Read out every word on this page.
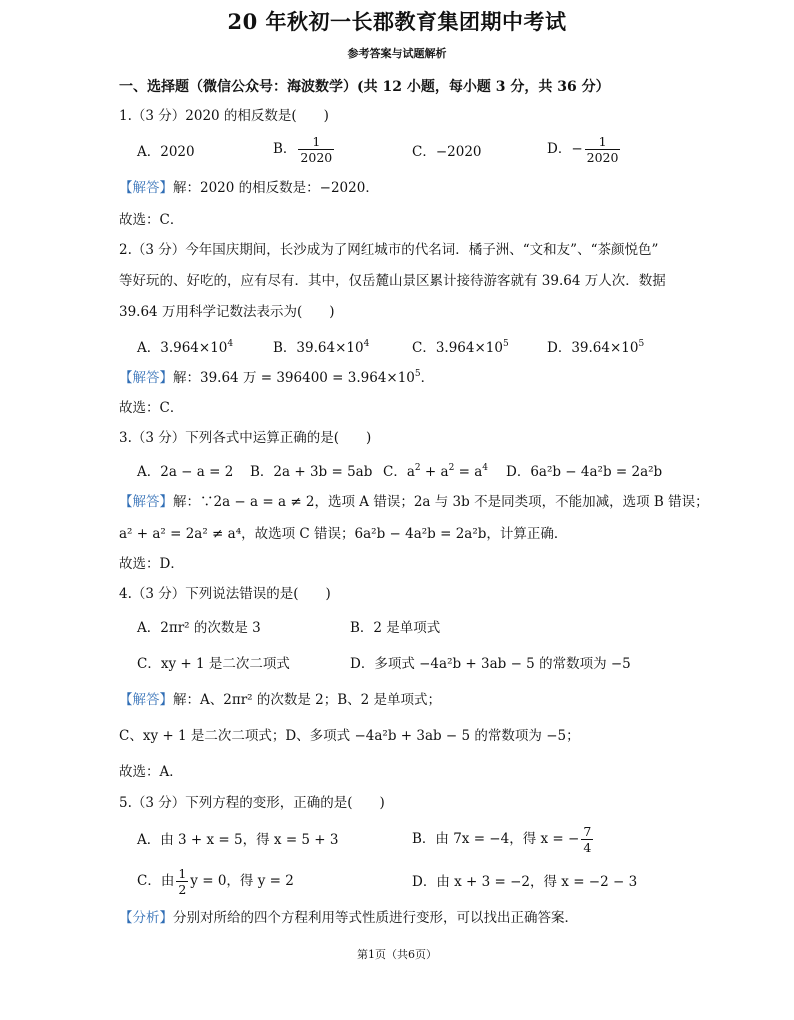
20 年秋初一长郡教育集团期中考试
参考答案与试题解析
一、选择题（微信公众号：海波数学）(共 12 小题，每小题 3 分，共 36 分）
1.（3 分）2020 的相反数是(　　)
A．2020	B． $\frac{1}{2020}$	C．−2020	D．− $\frac{1}{2020}$
【解答】解：2020 的相反数是：−2020．
故选：C．
2.（3 分）今年国庆期间，长沙成为了网红城市的代名词．橘子洲、“文和友”、“茶颜悦色”
等好玩的、好吃的，应有尽有．其中，仅岳麓山景区累计接待游客就有 39.64 万人次．数据
39.64 万用科学记数法表示为(　　)
A．$3.964\times 10^4$	B．$39.64\times 10^4$	C．$3.964\times 10^5$	D．$39.64\times 10^5$
【解答】解：39.64 万 = $396400 = 3.964\times 10^5$．
故选：C．
3.（3 分）下列各式中运算正确的是(　　)
A．2a − a = 2 B．2a + 3b = 5ab C．$a^2 + a^2 = a^4$ D．6a²b − 4a²b = 2a²b
【解答】解：∵2a − a = a ≠ 2，选项 A 错误；2a 与 3b 不是同类项，不能加减，选项 B 错误；
a² + a² = 2a² ≠ a⁴，故选项 C 错误；6a²b − 4a²b = 2a²b，计算正确．
故选：D．
4.（3 分）下列说法错误的是(　　)
A．2πr² 的次数是 3	B．2 是单项式
C．xy + 1 是二次二项式	D．多项式 −4a²b + 3ab − 5 的常数项为 −5
【解答】解：A、2πr² 的次数是 2；B、2 是单项式；
C、xy + 1 是二次二项式；D、多项式 −4a²b + 3ab − 5 的常数项为 −5；
故选：A．
5.（3 分）下列方程的变形，正确的是(　　)
A．由 3 + x = 5，得 x = 5 + 3	B．由 7x = −4，得 x = − $\frac{7}{4}$
C．由 $\frac{1}{2}$ y = 0，得 y = 2	D．由 x + 3 = −2，得 x = −2 − 3
【分析】分别对所给的四个方程利用等式性质进行变形，可以找出正确答案．
第1页（共6页）
